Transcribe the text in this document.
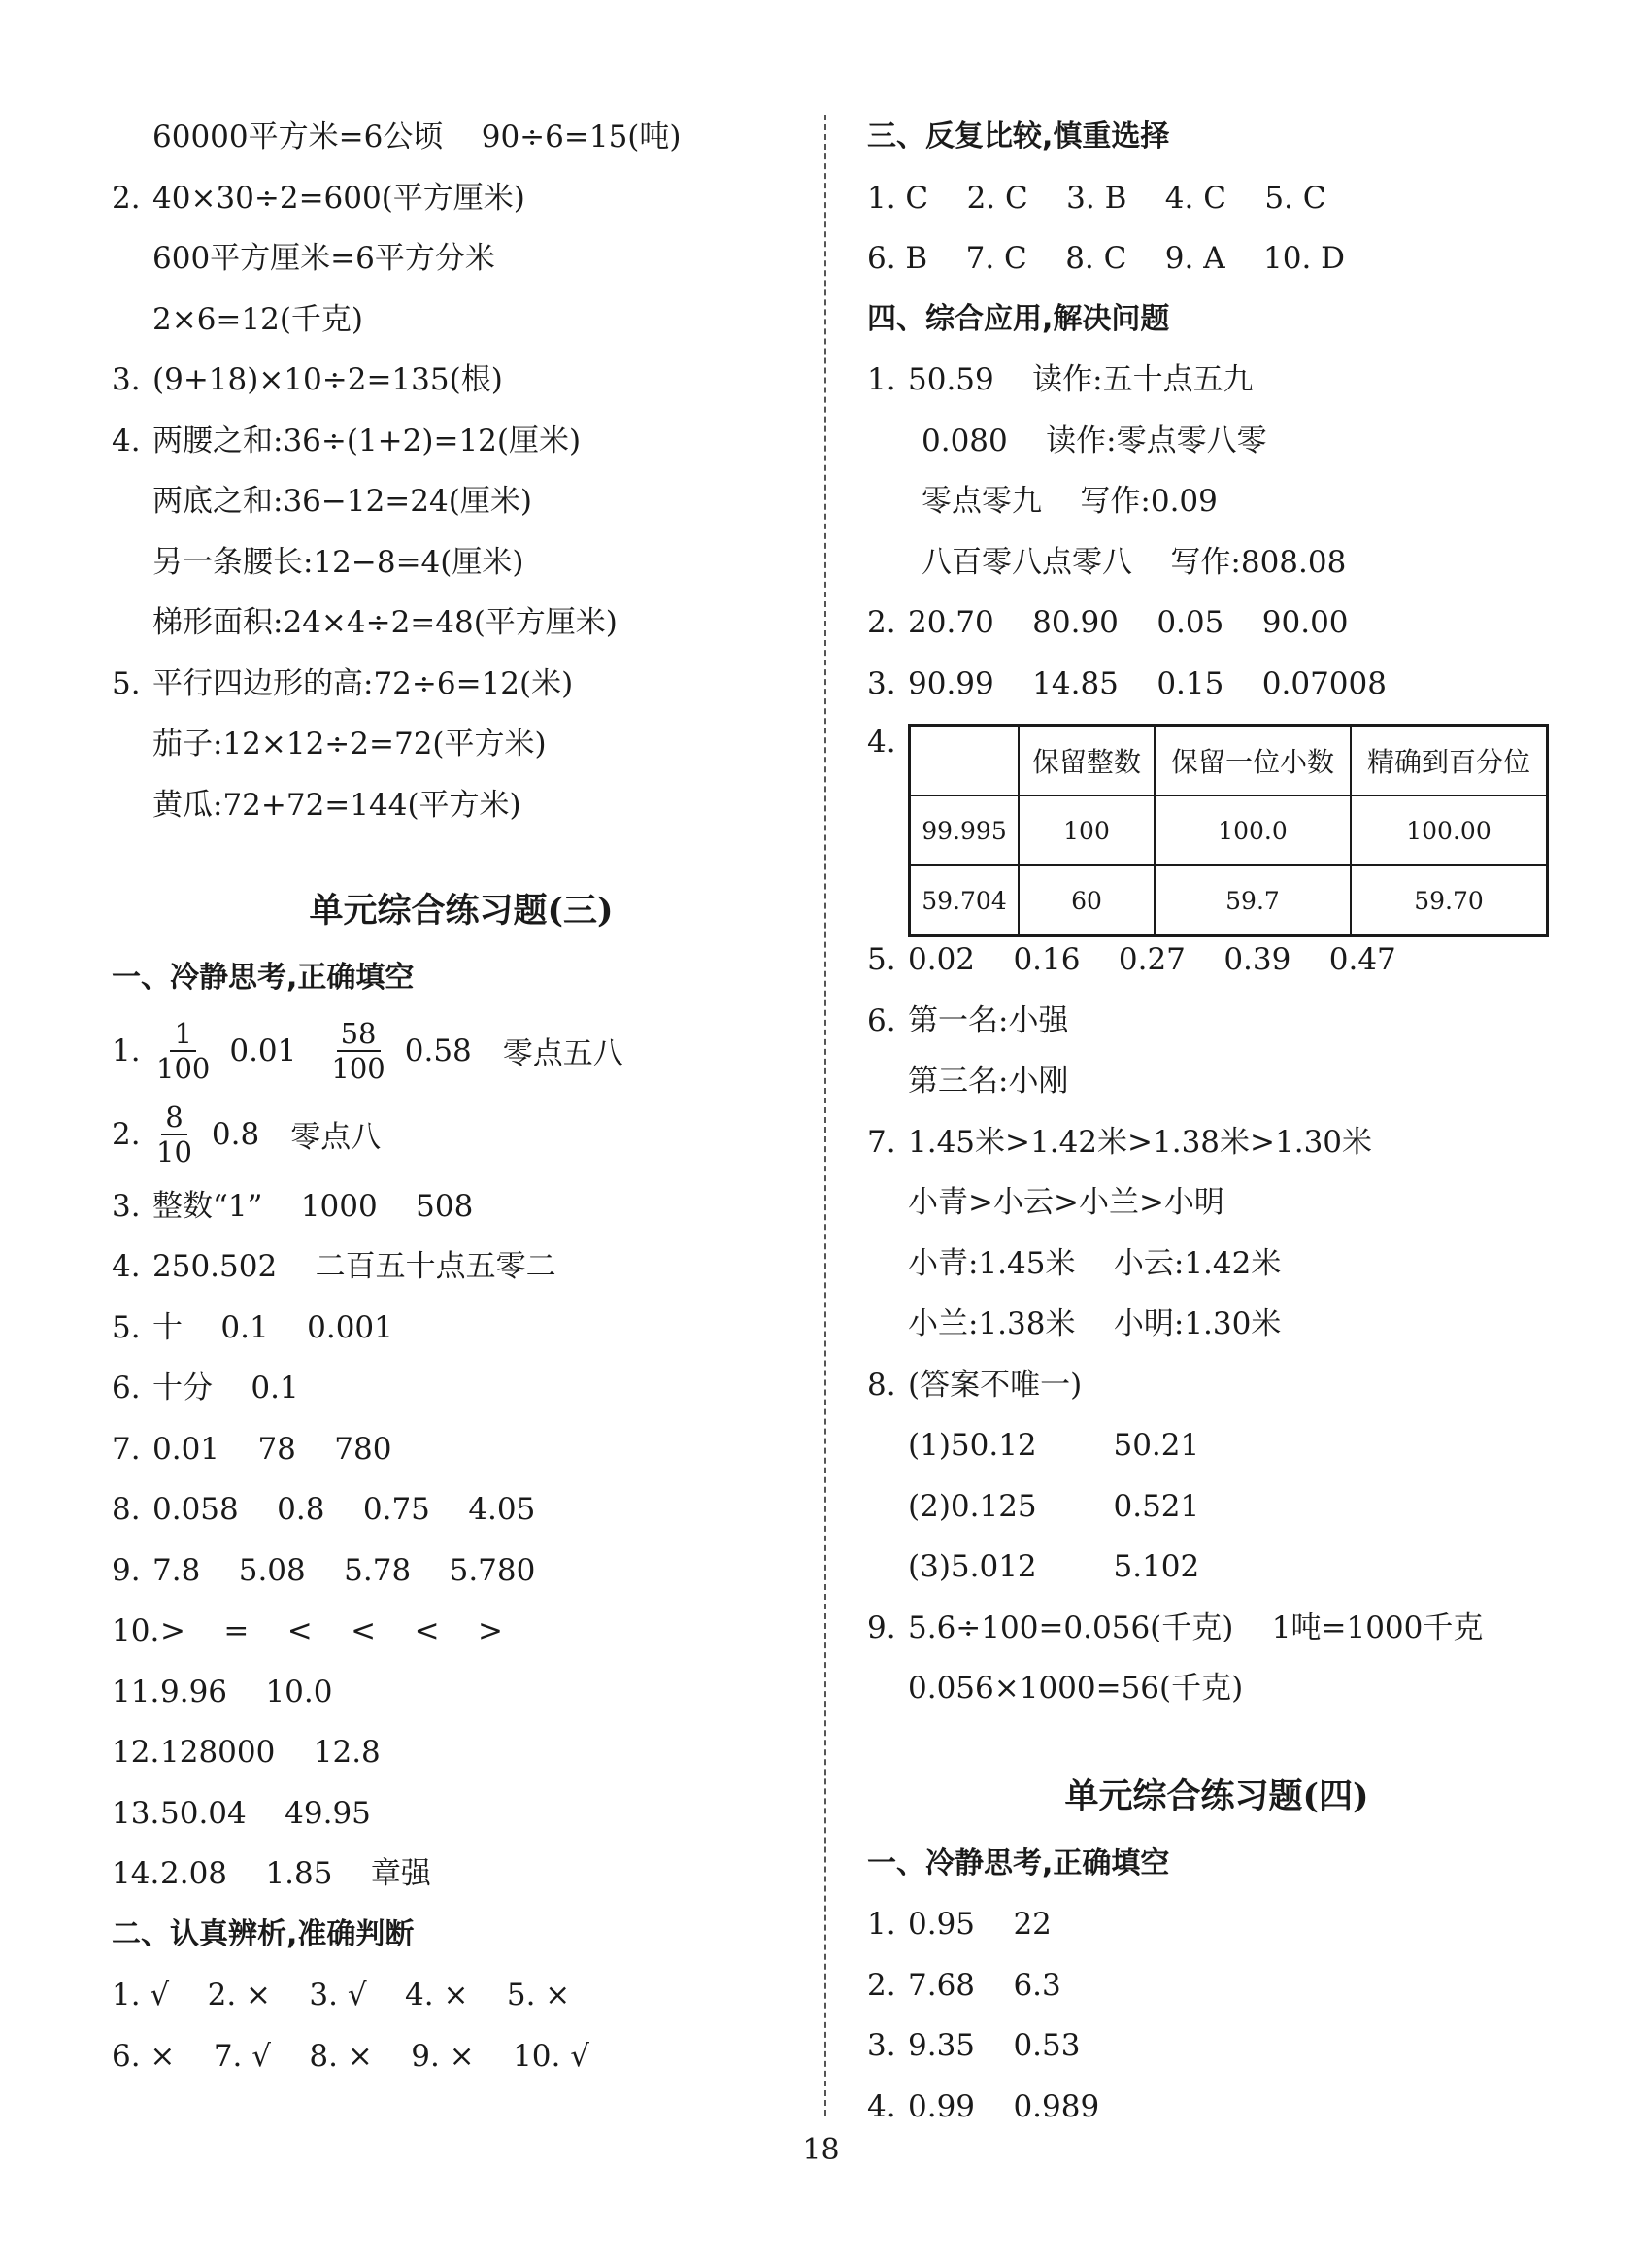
60000平方米=6公顷    90÷6=15(吨)
2. 40×30÷2=600(平方厘米)
600平方厘米=6平方分米
2×6=12(千克)
3. (9+18)×10÷2=135(根)
4. 两腰之和:36÷(1+2)=12(厘米)
两底之和:36−12=24(厘米)
另一条腰长:12−8=4(厘米)
梯形面积:24×4÷2=48(平方厘米)
5. 平行四边形的高:72÷6=12(米)
茄子:12×12÷2=72(平方米)
黄瓜:72+72=144(平方米)
单元综合练习题(三)
一、冷静思考,正确填空
1. $\frac{1}{100} 0.01 \frac{58}{100} 0.58$ 零点五八
2. $\frac{8}{10} 0.8$ 零点八
3. 整数“1”    1000    508
4. 250.502    二百五十点五零二
5. 十    0.1    0.001
6. 十分    0.1
7. 0.01    78    780
8. 0.058    0.8    0.75    4.05
9. 7.8    5.08    5.78    5.780
10. >    =    <    <    <    >
11. 9.96    10.0
12. 128000    12.8
13. 50.04    49.95
14. 2.08    1.85    章强
二、认真辨析,准确判断
1. √    2. ×    3. √    4. ×    5. ×
6. ×    7. √    8. ×    9. ×    10. √
三、反复比较,慎重选择
1. C    2. C    3. B    4. C    5. C
6. B    7. C    8. C    9. A    10. D
四、综合应用,解决问题
1. 50.59    读作:五十点五九
0.080    读作:零点零八零
零点零九    写作:0.09
八百零八点零八    写作:808.08
2. 20.70    80.90    0.05    90.00
3. 90.99    14.85    0.15    0.07008
4.
	保留整数	保留一位小数	精确到百分位
99.995	100	100.0	100.00
59.704	60	59.7	59.70
5. 0.02    0.16    0.27    0.39    0.47
6. 第一名:小强
第三名:小刚
7. 1.45米>1.42米>1.38米>1.30米
小青>小云>小兰>小明
小青:1.45米    小云:1.42米
小兰:1.38米    小明:1.30米
8. (答案不唯一)
(1)50.12        50.21
(2)0.125        0.521
(3)5.012        5.102
9. 5.6÷100=0.056(千克)    1吨=1000千克
0.056×1000=56(千克)
单元综合练习题(四)
一、冷静思考,正确填空
1. 0.95    22
2. 7.68    6.3
3. 9.35    0.53
4. 0.99    0.989
18
